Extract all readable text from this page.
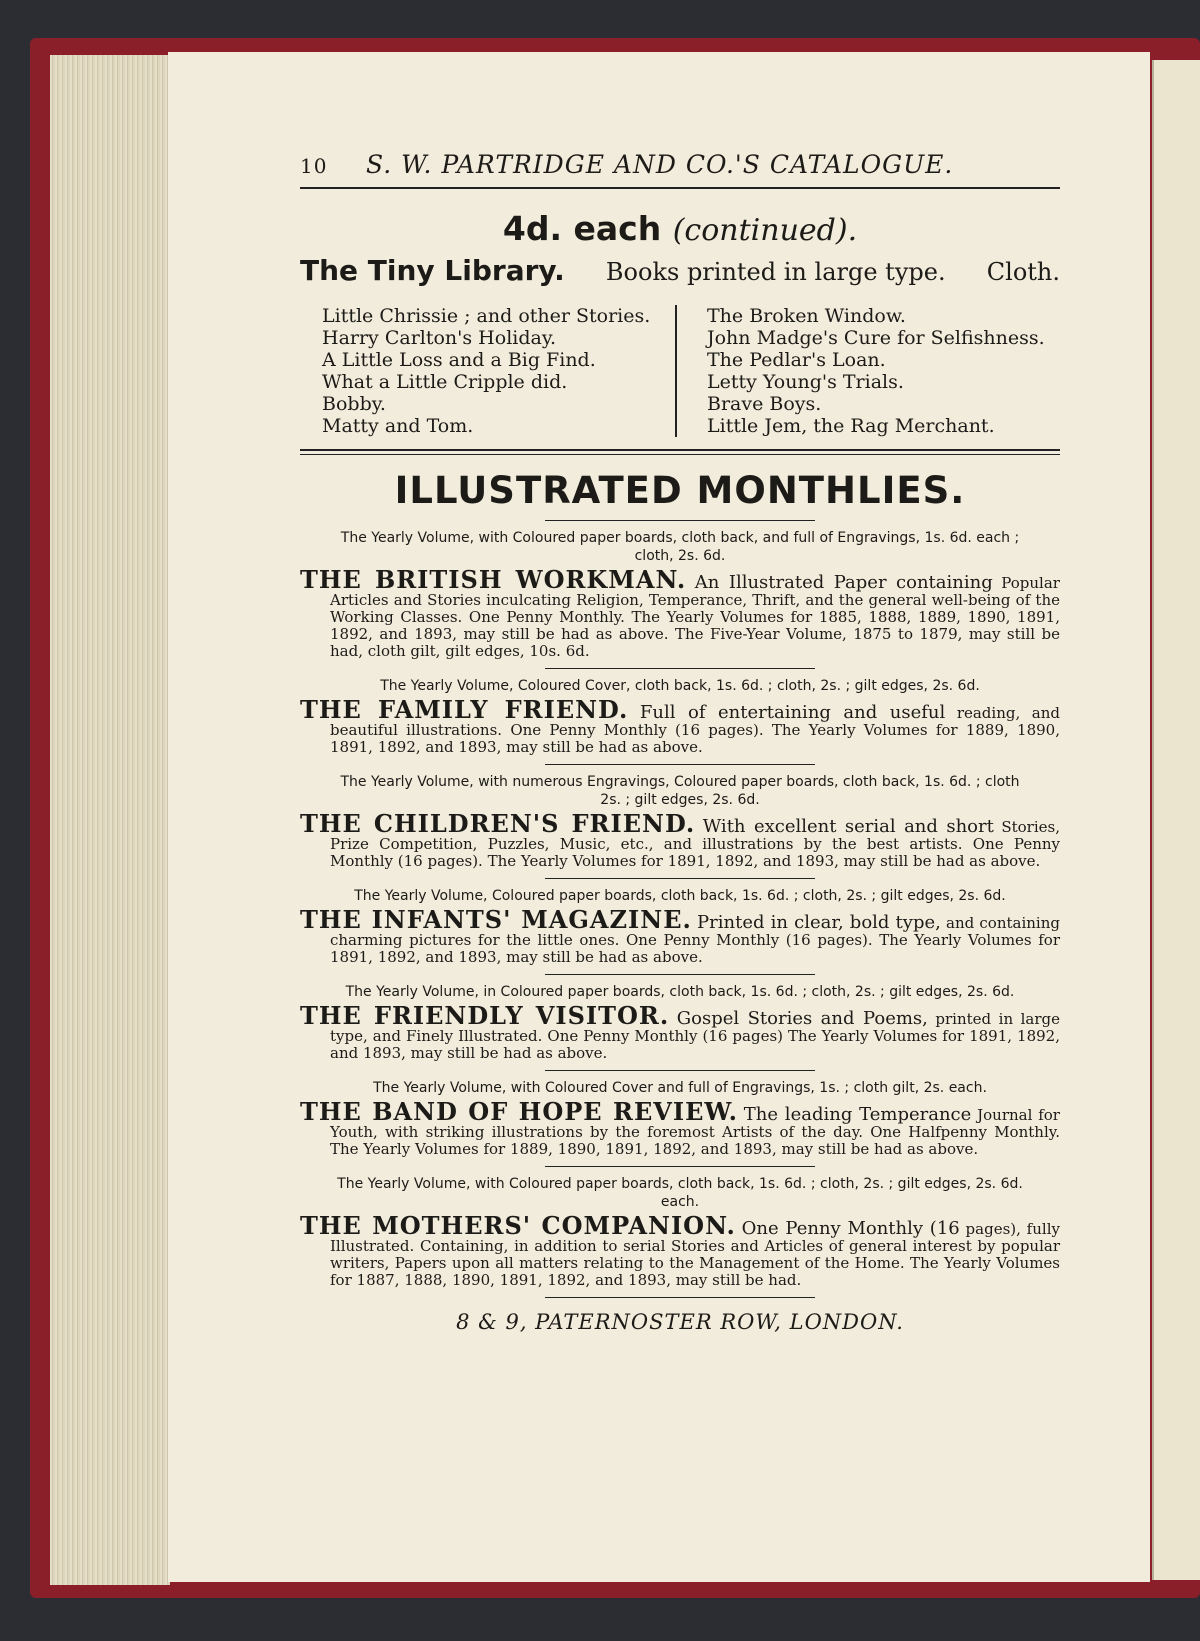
10	S. W. PARTRIDGE AND CO.'S CATALOGUE.
4d. each (continued).
The Tiny Library. Books printed in large type. Cloth.
Little Chrissie ; and other Stories.
Harry Carlton's Holiday.
A Little Loss and a Big Find.
What a Little Cripple did.
Bobby.
Matty and Tom.
The Broken Window.
John Madge's Cure for Selfishness.
The Pedlar's Loan.
Letty Young's Trials.
Brave Boys.
Little Jem, the Rag Merchant.
ILLUSTRATED MONTHLIES.
The Yearly Volume, with Coloured paper boards, cloth back, and full of Engravings, 1s. 6d. each ; cloth, 2s. 6d.
THE BRITISH WORKMAN. An Illustrated Paper containing Popular Articles and Stories inculcating Religion, Temperance, Thrift, and the general well-being of the Working Classes. One Penny Monthly. The Yearly Volumes for 1885, 1888, 1889, 1890, 1891, 1892, and 1893, may still be had as above. The Five-Year Volume, 1875 to 1879, may still be had, cloth gilt, gilt edges, 10s. 6d.
The Yearly Volume, Coloured Cover, cloth back, 1s. 6d. ; cloth, 2s. ; gilt edges, 2s. 6d.
THE FAMILY FRIEND. Full of entertaining and useful reading, and beautiful illustrations. One Penny Monthly (16 pages). The Yearly Volumes for 1889, 1890, 1891, 1892, and 1893, may still be had as above.
The Yearly Volume, with numerous Engravings, Coloured paper boards, cloth back, 1s. 6d. ; cloth 2s. ; gilt edges, 2s. 6d.
THE CHILDREN'S FRIEND. With excellent serial and short Stories, Prize Competition, Puzzles, Music, etc., and illustrations by the best artists. One Penny Monthly (16 pages). The Yearly Volumes for 1891, 1892, and 1893, may still be had as above.
The Yearly Volume, Coloured paper boards, cloth back, 1s. 6d. ; cloth, 2s. ; gilt edges, 2s. 6d.
THE INFANTS' MAGAZINE. Printed in clear, bold type, and containing charming pictures for the little ones. One Penny Monthly (16 pages). The Yearly Volumes for 1891, 1892, and 1893, may still be had as above.
The Yearly Volume, in Coloured paper boards, cloth back, 1s. 6d. ; cloth, 2s. ; gilt edges, 2s. 6d.
THE FRIENDLY VISITOR. Gospel Stories and Poems, printed in large type, and Finely Illustrated. One Penny Monthly (16 pages) The Yearly Volumes for 1891, 1892, and 1893, may still be had as above.
The Yearly Volume, with Coloured Cover and full of Engravings, 1s. ; cloth gilt, 2s. each.
THE BAND OF HOPE REVIEW. The leading Temperance Journal for Youth, with striking illustrations by the foremost Artists of the day. One Halfpenny Monthly. The Yearly Volumes for 1889, 1890, 1891, 1892, and 1893, may still be had as above.
The Yearly Volume, with Coloured paper boards, cloth back, 1s. 6d. ; cloth, 2s. ; gilt edges, 2s. 6d. each.
THE MOTHERS' COMPANION. One Penny Monthly (16 pages), fully Illustrated. Containing, in addition to serial Stories and Articles of general interest by popular writers, Papers upon all matters relating to the Management of the Home. The Yearly Volumes for 1887, 1888, 1890, 1891, 1892, and 1893, may still be had.
8 & 9, PATERNOSTER ROW, LONDON.
